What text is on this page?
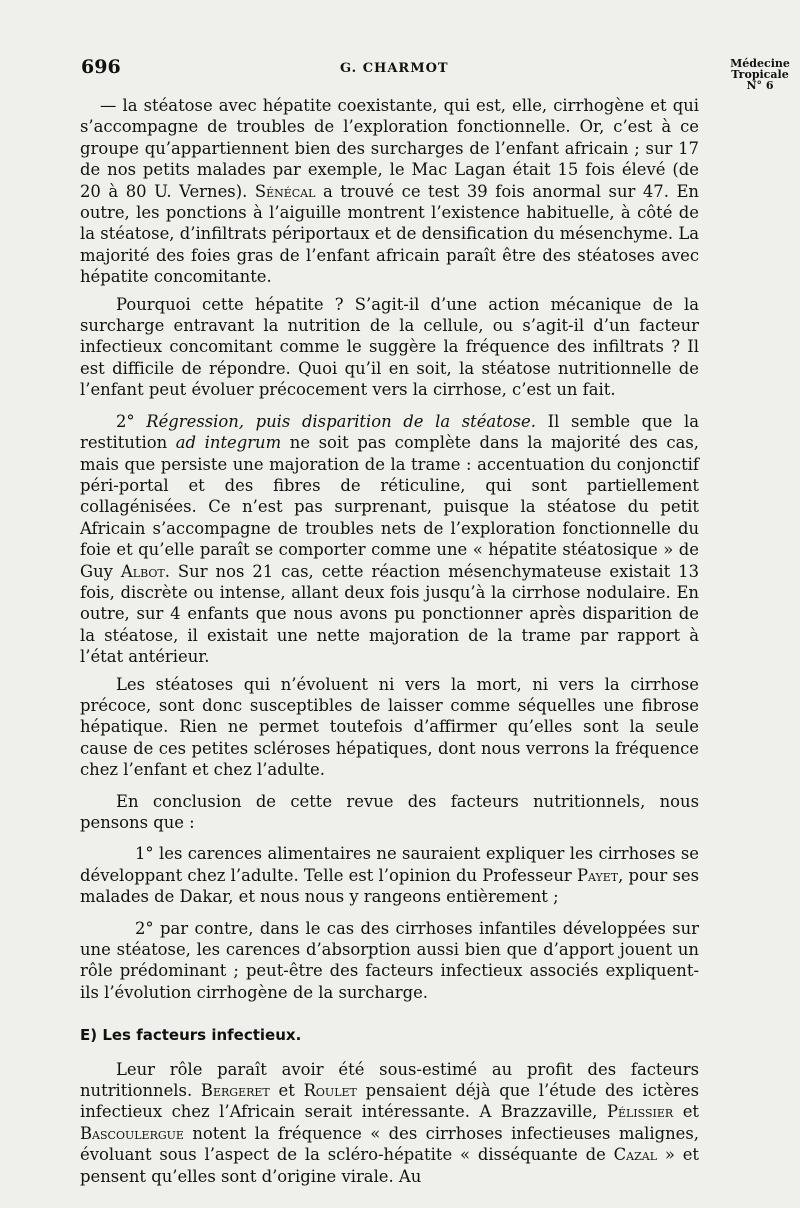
696	G. CHARMOT	Médecine
Tropicale
N° 6

— la stéatose avec hépatite coexistante, qui est, elle, cirrhogène et qui s’accompagne de troubles de l’exploration fonctionnelle. Or, c’est à ce groupe qu’appartiennent bien des surcharges de l’enfant africain ; sur 17 de nos petits malades par exemple, le Mac Lagan était 15 fois élevé (de 20 à 80 U. Vernes). Sénécal a trouvé ce test 39 fois anormal sur 47. En outre, les ponctions à l’aiguille montrent l’existence habituelle, à côté de la stéatose, d’infiltrats périportaux et de densification du mésenchyme. La majorité des foies gras de l’enfant africain paraît être des stéatoses avec hépatite concomitante.

Pourquoi cette hépatite ? S’agit-il d’une action mécanique de la surcharge entravant la nutrition de la cellule, ou s’agit-il d’un facteur infectieux concomitant comme le suggère la fréquence des infiltrats ? Il est difficile de répondre. Quoi qu’il en soit, la stéatose nutritionnelle de l’enfant peut évoluer précocement vers la cirrhose, c’est un fait.

2° Régression, puis disparition de la stéatose. Il semble que la restitution ad integrum ne soit pas complète dans la majorité des cas, mais que persiste une majoration de la trame : accentuation du conjonctif péri-portal et des fibres de réticuline, qui sont partiellement collagénisées. Ce n’est pas surprenant, puisque la stéatose du petit Africain s’accompagne de troubles nets de l’exploration fonctionnelle du foie et qu’elle paraît se comporter comme une « hépatite stéatosique » de Guy Albot. Sur nos 21 cas, cette réaction mésenchymateuse existait 13 fois, discrète ou intense, allant deux fois jusqu’à la cirrhose nodulaire. En outre, sur 4 enfants que nous avons pu ponctionner après disparition de la stéatose, il existait une nette majoration de la trame par rapport à l’état antérieur.

Les stéatoses qui n’évoluent ni vers la mort, ni vers la cirrhose précoce, sont donc susceptibles de laisser comme séquelles une fibrose hépatique. Rien ne permet toutefois d’affirmer qu’elles sont la seule cause de ces petites scléroses hépatiques, dont nous verrons la fréquence chez l’enfant et chez l’adulte.

En conclusion de cette revue des facteurs nutritionnels, nous pensons que :

1° les carences alimentaires ne sauraient expliquer les cirrhoses se développant chez l’adulte. Telle est l’opinion du Professeur Payet, pour ses malades de Dakar, et nous nous y rangeons entièrement ;

2° par contre, dans le cas des cirrhoses infantiles développées sur une stéatose, les carences d’absorption aussi bien que d’apport jouent un rôle prédominant ; peut-être des facteurs infectieux associés expliquent-ils l’évolution cirrhogène de la surcharge.

E) Les facteurs infectieux.

Leur rôle paraît avoir été sous-estimé au profit des facteurs nutritionnels. Bergeret et Roulet pensaient déjà que l’étude des ictères infectieux chez l’Africain serait intéressante. A Brazzaville, Pélissier et Bascoulergue notent la fréquence « des cirrhoses infectieuses malignes, évoluant sous l’aspect de la scléro-hépatite « disséquante de Cazal » et pensent qu’elles sont d’origine virale. Au
